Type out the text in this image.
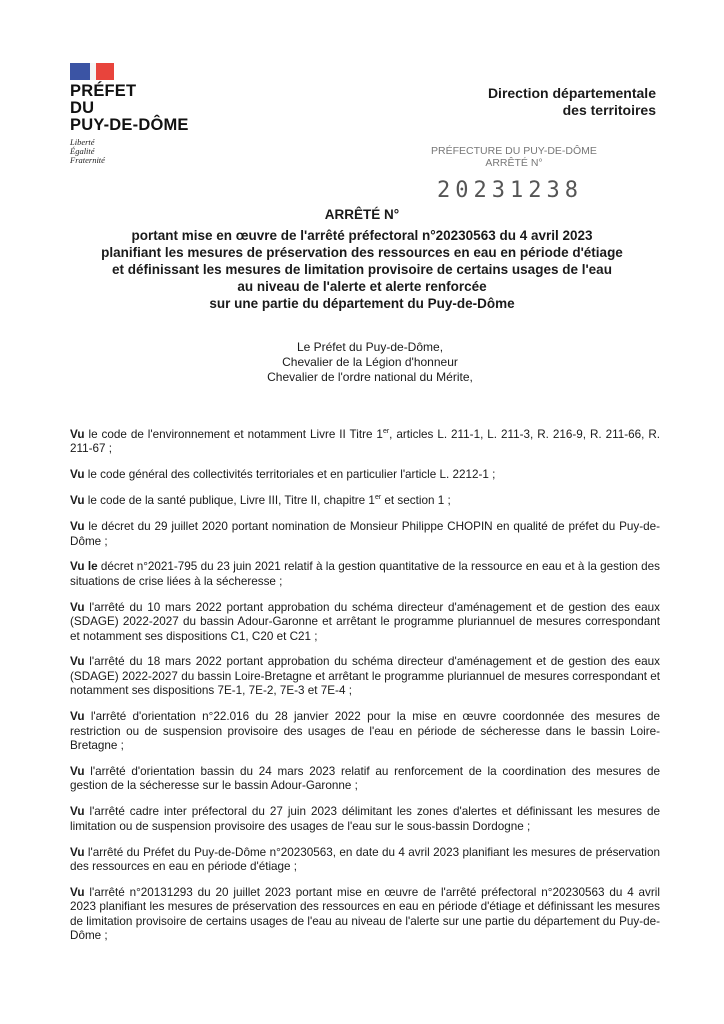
PRÉFET
DU
PUY-DE-DÔME
Liberté
Égalité
Fraternité
Direction départementale
des territoires
PRÉFECTURE DU PUY-DE-DÔME
ARRÊTÉ N°
20231238
ARRÊTÉ N°
portant mise en œuvre de l'arrêté préfectoral n°20230563 du 4 avril 2023
planifiant les mesures de préservation des ressources en eau en période d'étiage
et définissant les mesures de limitation provisoire de certains usages de l'eau
au niveau de l'alerte et alerte renforcée
sur une partie du département du Puy-de-Dôme
Le Préfet du Puy-de-Dôme,
Chevalier de la Légion d'honneur
Chevalier de l'ordre national du Mérite,

Vu le code de l'environnement et notamment Livre II Titre 1er, articles L. 211-1, L. 211-3, R. 216-9, R. 211-66, R. 211-67 ;

Vu le code général des collectivités territoriales et en particulier l'article L. 2212-1 ;

Vu le code de la santé publique, Livre III, Titre II, chapitre 1er et section 1 ;

Vu le décret du 29 juillet 2020 portant nomination de Monsieur Philippe CHOPIN en qualité de préfet du Puy-de-Dôme ;

Vu le décret n°2021-795 du 23 juin 2021 relatif à la gestion quantitative de la ressource en eau et à la gestion des situations de crise liées à la sécheresse ;

Vu l'arrêté du 10 mars 2022 portant approbation du schéma directeur d'aménagement et de gestion des eaux (SDAGE) 2022-2027 du bassin Adour-Garonne et arrêtant le programme pluriannuel de mesures correspondant et notamment ses dispositions C1, C20 et C21 ;

Vu l'arrêté du 18 mars 2022 portant approbation du schéma directeur d'aménagement et de gestion des eaux (SDAGE) 2022-2027 du bassin Loire-Bretagne et arrêtant le programme pluriannuel de mesures correspondant et notamment ses dispositions 7E-1, 7E-2, 7E-3 et 7E-4 ;

Vu l'arrêté d'orientation n°22.016 du 28 janvier 2022 pour la mise en œuvre coordonnée des mesures de restriction ou de suspension provisoire des usages de l'eau en période de sécheresse dans le bassin Loire-Bretagne ;

Vu l'arrêté d'orientation bassin du 24 mars 2023 relatif au renforcement de la coordination des mesures de gestion de la sécheresse sur le bassin Adour-Garonne ;

Vu l'arrêté cadre inter préfectoral du 27 juin 2023 délimitant les zones d'alertes et définissant les mesures de limitation ou de suspension provisoire des usages de l'eau sur le sous-bassin Dordogne ;

Vu l'arrêté du Préfet du Puy-de-Dôme n°20230563, en date du 4 avril 2023 planifiant les mesures de préservation des ressources en eau en période d'étiage ;

Vu l'arrêté n°20131293 du 20 juillet 2023 portant mise en œuvre de l'arrêté préfectoral n°20230563 du 4 avril 2023 planifiant les mesures de préservation des ressources en eau en période d'étiage et définissant les mesures de limitation provisoire de certains usages de l'eau au niveau de l'alerte sur une partie du département du Puy-de-Dôme ;
